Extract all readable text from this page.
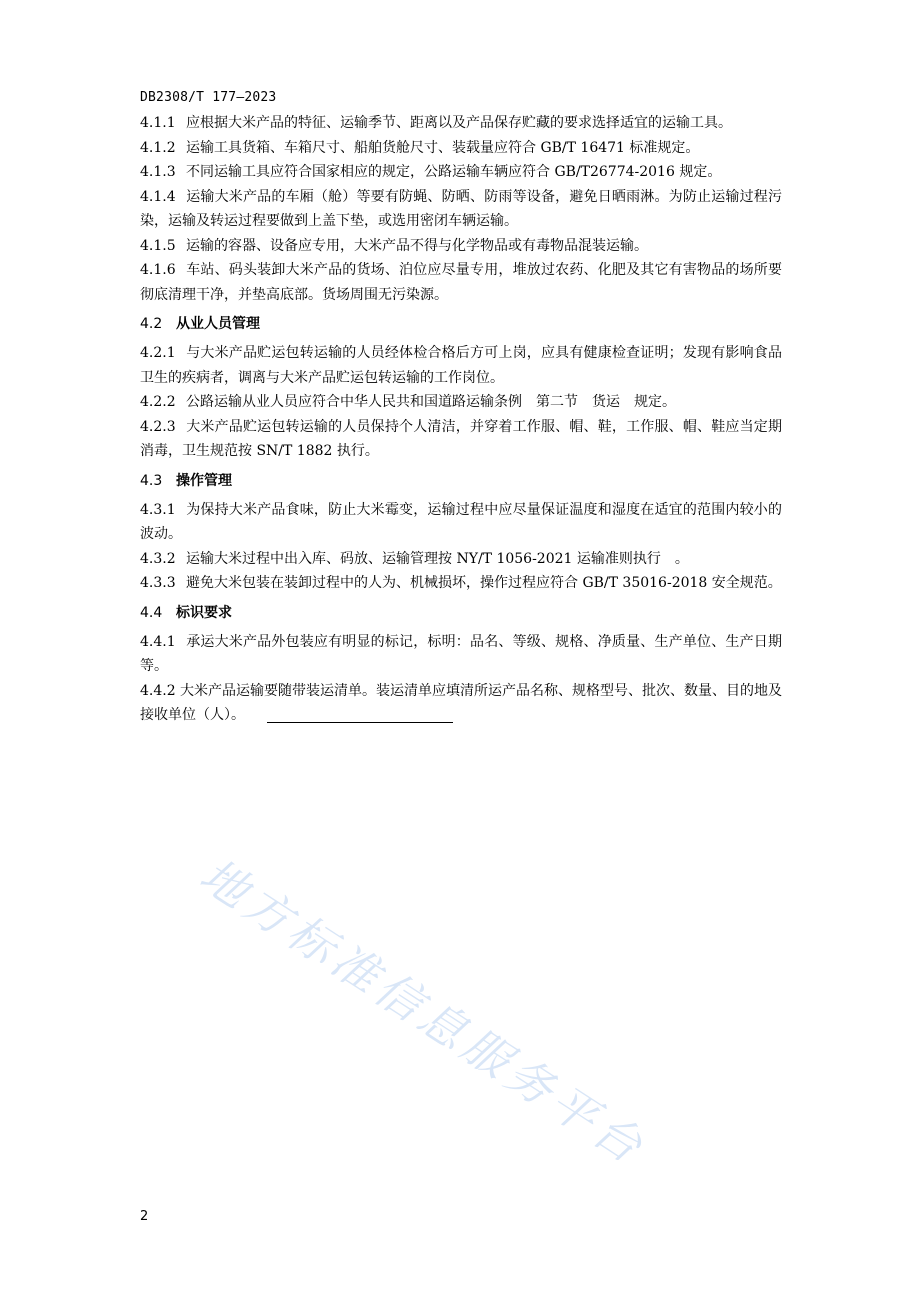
DB2308/T 177—2023

4.1.1 应根据大米产品的特征、运输季节、距离以及产品保存贮藏的要求选择适宜的运输工具。

4.1.2 运输工具货箱、车箱尺寸、船舶货舱尺寸、装载量应符合 GB/T 16471 标准规定。

4.1.3 不同运输工具应符合国家相应的规定，公路运输车辆应符合 GB/T26774-2016 规定。

4.1.4 运输大米产品的车厢（舱）等要有防蝇、防晒、防雨等设备，避免日晒雨淋。为防止运输过程污染，运输及转运过程要做到上盖下垫，或选用密闭车辆运输。

4.1.5 运输的容器、设备应专用，大米产品不得与化学物品或有毒物品混装运输。

4.1.6 车站、码头装卸大米产品的货场、泊位应尽量专用，堆放过农药、化肥及其它有害物品的场所要彻底清理干净，并垫高底部。货场周围无污染源。

4.2 从业人员管理

4.2.1 与大米产品贮运包转运输的人员经体检合格后方可上岗，应具有健康检查证明；发现有影响食品卫生的疾病者，调离与大米产品贮运包转运输的工作岗位。

4.2.2 公路运输从业人员应符合中华人民共和国道路运输条例　第二节　货运　规定。

4.2.3 大米产品贮运包转运输的人员保持个人清洁，并穿着工作服、帽、鞋，工作服、帽、鞋应当定期消毒，卫生规范按 SN/T 1882 执行。

4.3 操作管理

4.3.1 为保持大米产品食味，防止大米霉变，运输过程中应尽量保证温度和湿度在适宜的范围内较小的波动。

4.3.2 运输大米过程中出入库、码放、运输管理按 NY/T 1056-2021 运输准则执行　。

4.3.3 避免大米包装在装卸过程中的人为、机械损坏，操作过程应符合 GB/T 35016-2018 安全规范。

4.4 标识要求

4.4.1 承运大米产品外包装应有明显的标记，标明：品名、等级、规格、净质量、生产单位、生产日期等。

4.4.2 大米产品运输要随带装运清单。装运清单应填清所运产品名称、规格型号、批次、数量、目的地及接收单位（人）。

地方标准信息服务平台
2
